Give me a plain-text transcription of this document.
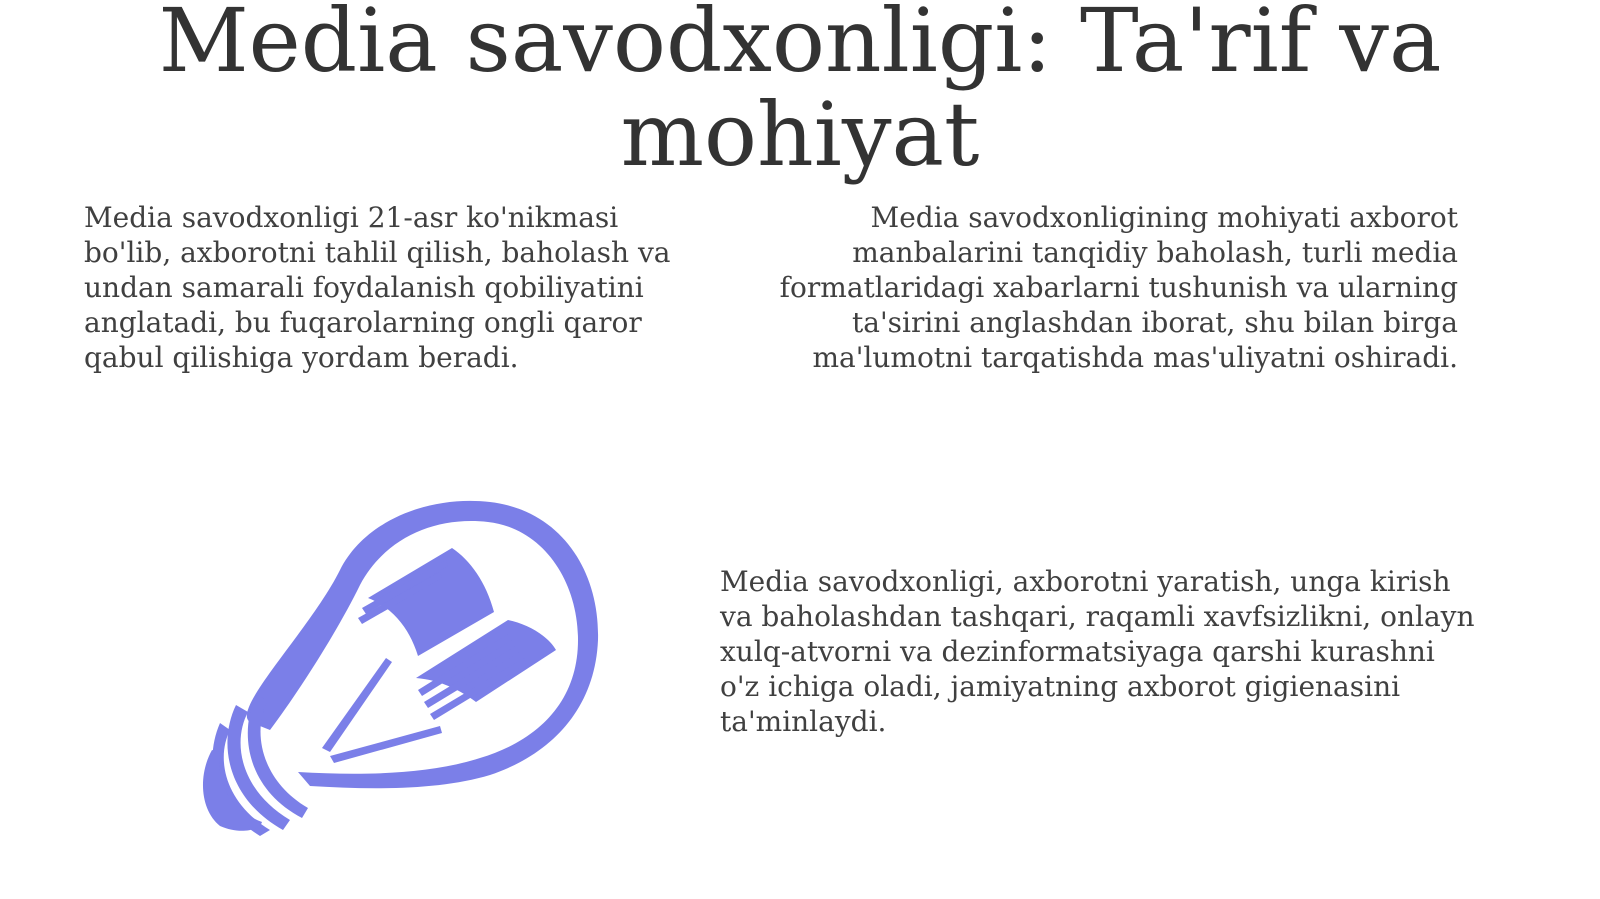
Media savodxonligi: Ta'rif va mohiyat

Media savodxonligi 21-asr ko'nikmasi bo'lib, axborotni tahlil qilish, baholash va undan samarali foydalanish qobiliyatini anglatadi, bu fuqarolarning ongli qaror qabul qilishiga yordam beradi.

Media savodxonligining mohiyati axborot manbalarini tanqidiy baholash, turli media formatlaridagi xabarlarni tushunish va ularning ta'sirini anglashdan iborat, shu bilan birga ma'lumotni tarqatishda mas'uliyatni oshiradi.

Media savodxonligi, axborotni yaratish, unga kirish va baholashdan tashqari, raqamli xavfsizlikni, onlayn xulq-atvorni va dezinformatsiyaga qarshi kurashni o'z ichiga oladi, jamiyatning axborot gigienasini ta'minlaydi.
